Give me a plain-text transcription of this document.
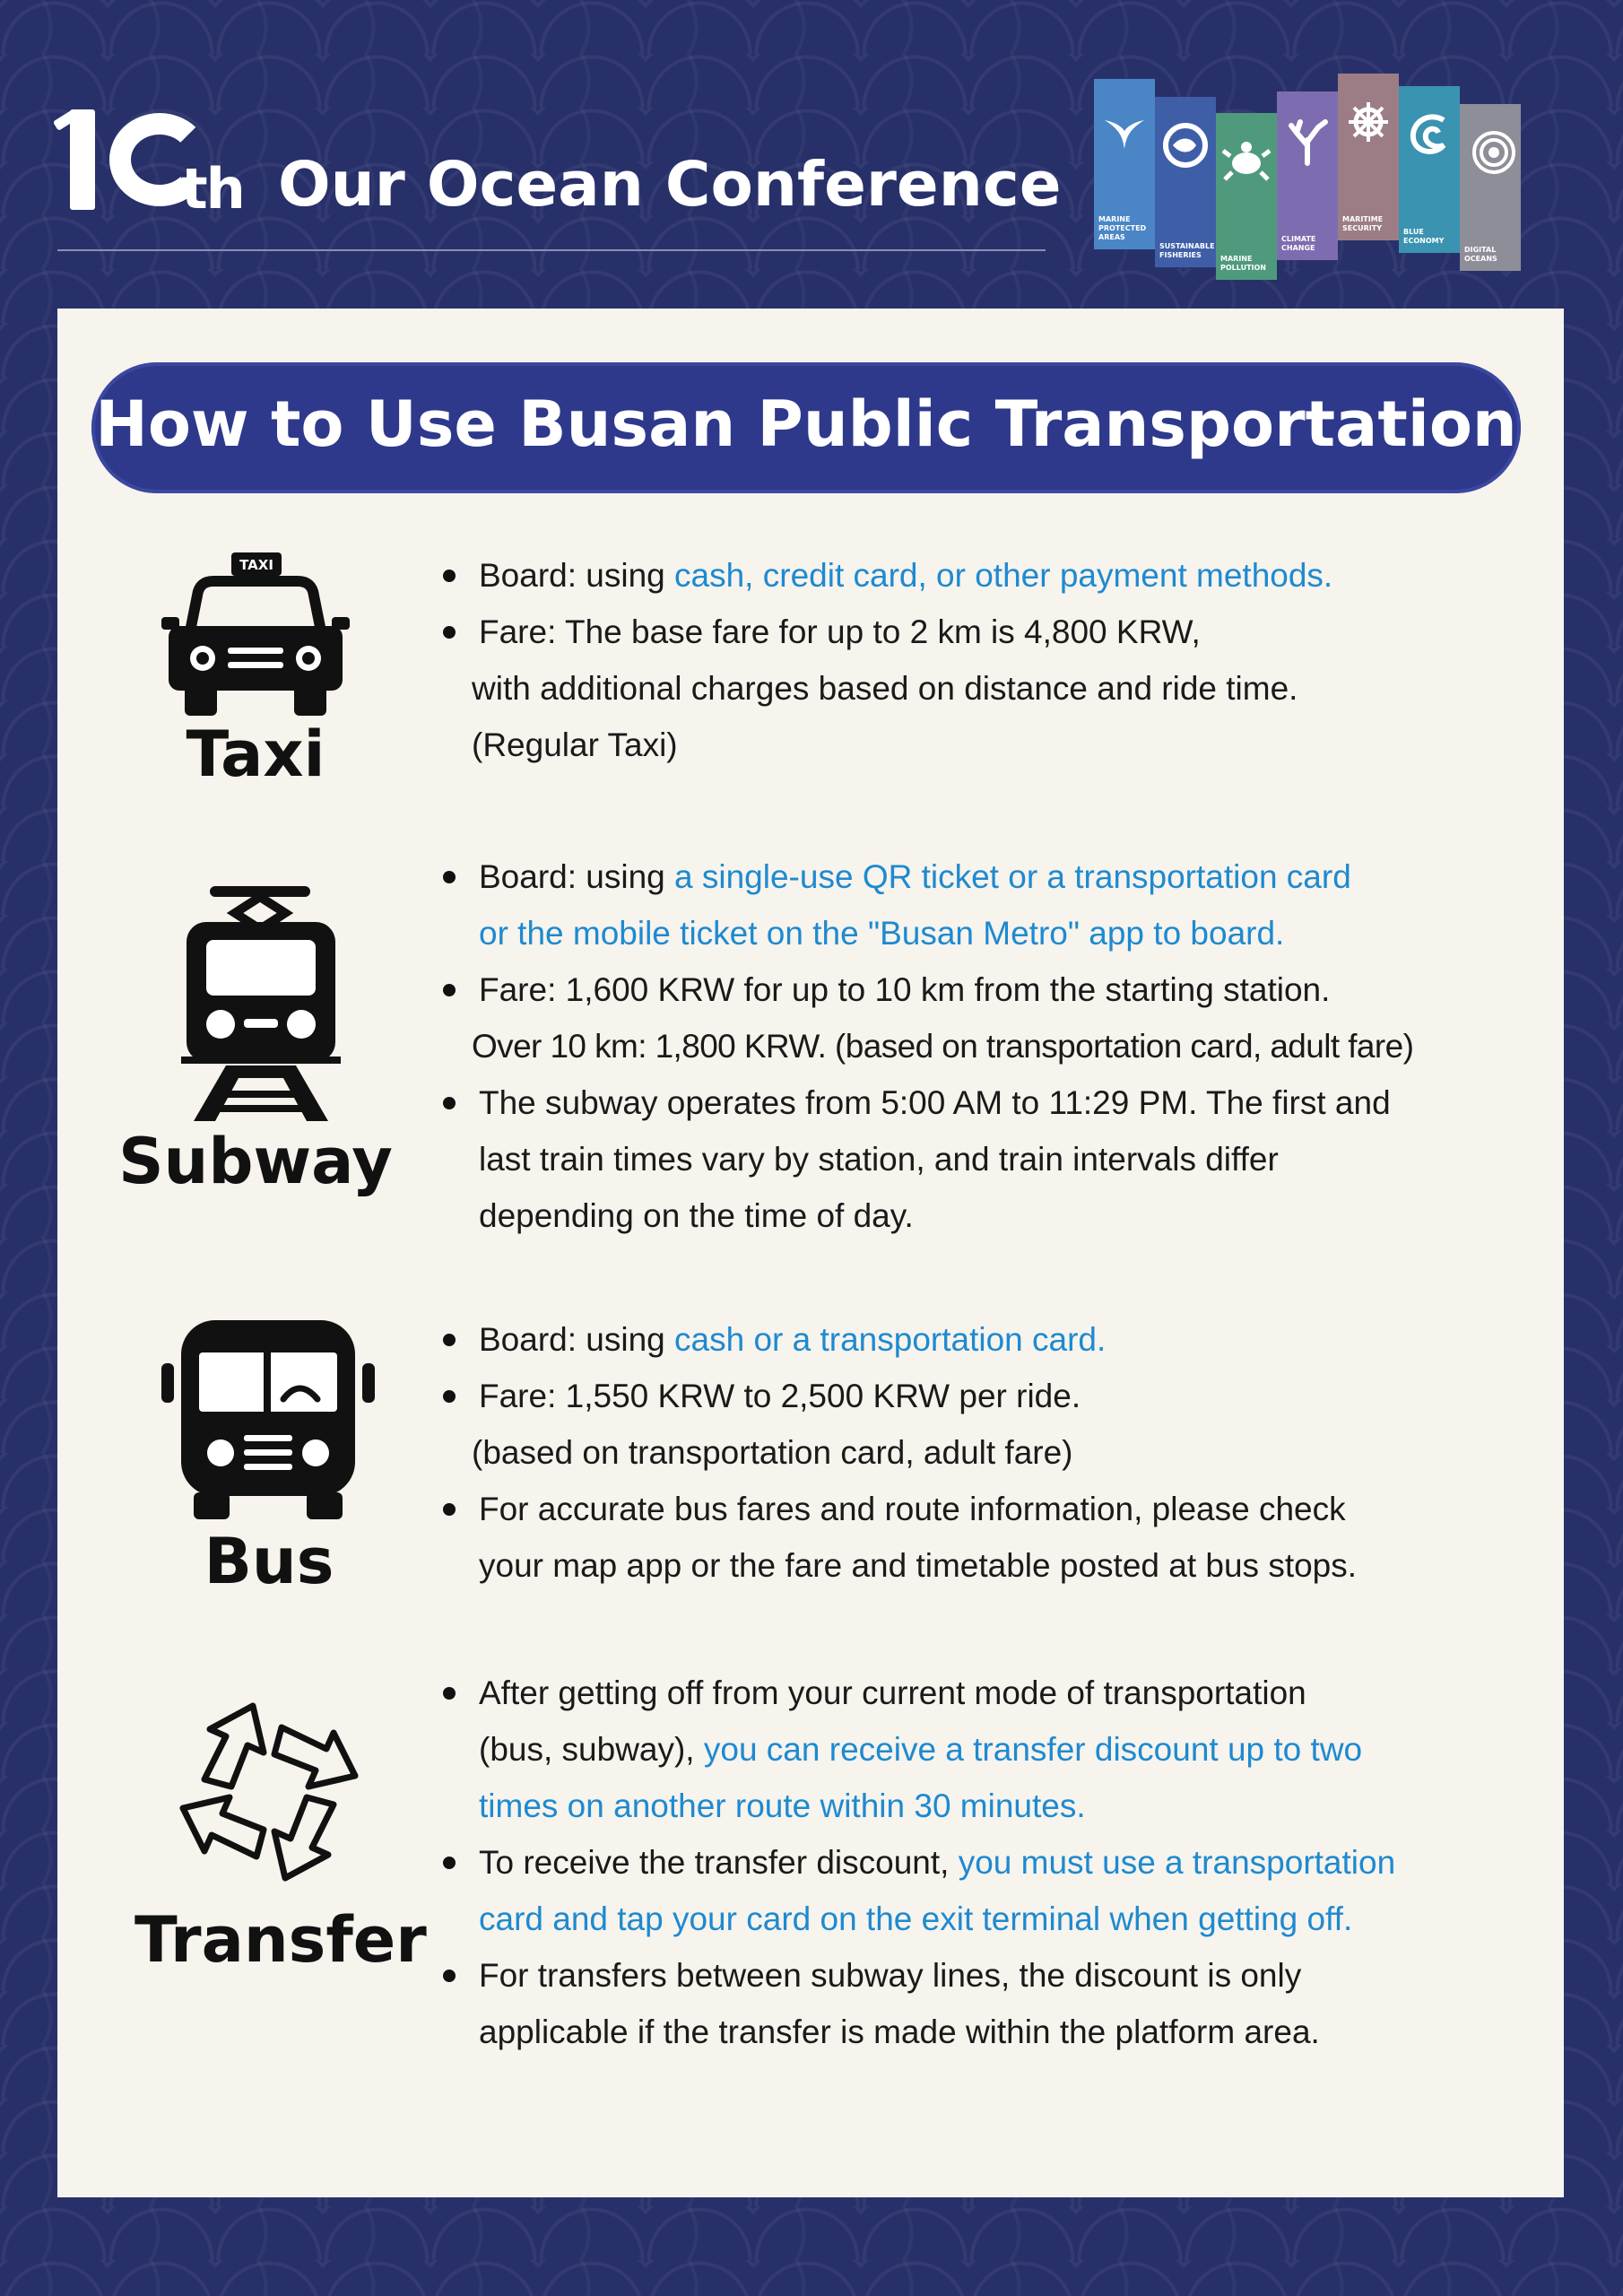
th Our Ocean Conference	MARINE PROTECTED AREAS
SUSTAINABLE FISHERIES	MARINE POLLUTION
CLIMATE CHANGE
MARITIME SECURITY	BLUE ECONOMY
DIGITAL OCEANS
How to Use Busan Public Transportation
TAXI
Taxi
Board: using cash, credit card, or other payment methods.
Fare: The base fare for up to 2 km is 4,800 KRW,
with additional charges based on distance and ride time.
(Regular Taxi)
Subway
Board: using a single-use QR ticket or a transportation card
or the mobile ticket on the "Busan Metro" app to board.
Fare: 1,600 KRW for up to 10 km from the starting station.
Over 10 km: 1,800 KRW. (based on transportation card, adult fare)
The subway operates from 5:00 AM to 11:29 PM. The first and
last train times vary by station, and train intervals differ
depending on the time of day.
Bus
Board: using cash or a transportation card.
Fare: 1,550 KRW to 2,500 KRW per ride.
(based on transportation card, adult fare)
For accurate bus fares and route information, please check
your map app or the fare and timetable posted at bus stops.
Transfer
After getting off from your current mode of transportation
(bus, subway), you can receive a transfer discount up to two
times on another route within 30 minutes.
To receive the transfer discount, you must use a transportation
card and tap your card on the exit terminal when getting off.
For transfers between subway lines, the discount is only
applicable if the transfer is made within the platform area.
